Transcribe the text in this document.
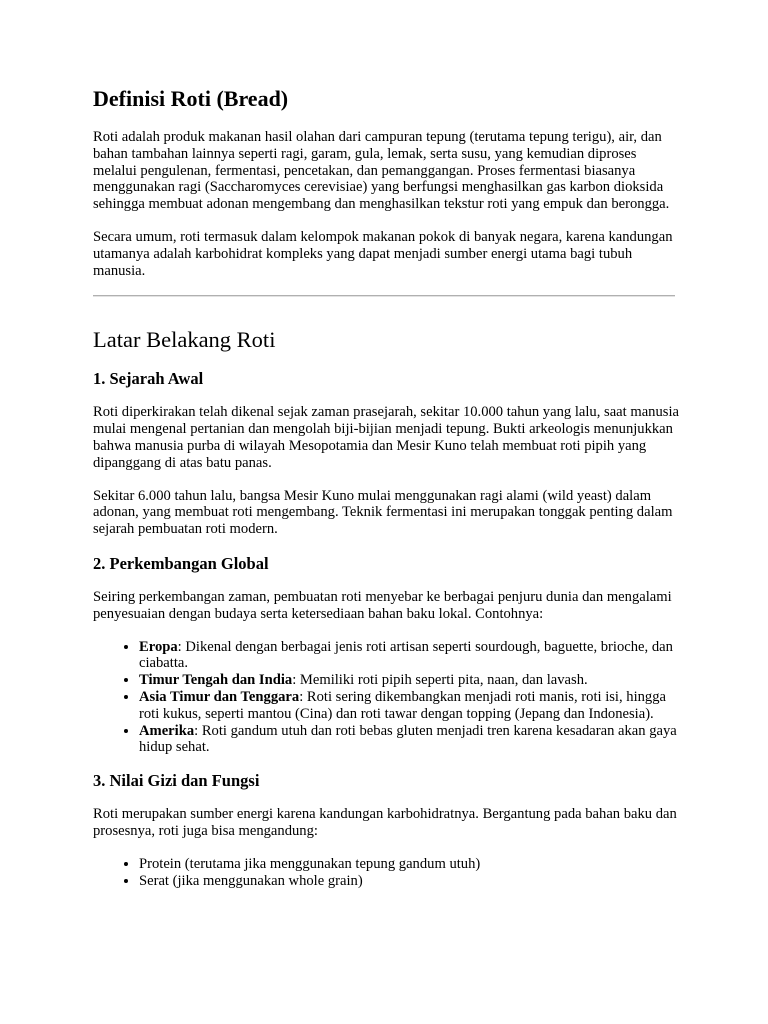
Definisi Roti (Bread)

Roti adalah produk makanan hasil olahan dari campuran tepung (terutama tepung terigu), air, dan bahan tambahan lainnya seperti ragi, garam, gula, lemak, serta susu, yang kemudian diproses melalui pengulenan, fermentasi, pencetakan, dan pemanggangan. Proses fermentasi biasanya menggunakan ragi (Saccharomyces cerevisiae) yang berfungsi menghasilkan gas karbon dioksida sehingga membuat adonan mengembang dan menghasilkan tekstur roti yang empuk dan berongga.

Secara umum, roti termasuk dalam kelompok makanan pokok di banyak negara, karena kandungan utamanya adalah karbohidrat kompleks yang dapat menjadi sumber energi utama bagi tubuh manusia.

Latar Belakang Roti
1. Sejarah Awal

Roti diperkirakan telah dikenal sejak zaman prasejarah, sekitar 10.000 tahun yang lalu, saat manusia mulai mengenal pertanian dan mengolah biji-bijian menjadi tepung. Bukti arkeologis menunjukkan bahwa manusia purba di wilayah Mesopotamia dan Mesir Kuno telah membuat roti pipih yang dipanggang di atas batu panas.

Sekitar 6.000 tahun lalu, bangsa Mesir Kuno mulai menggunakan ragi alami (wild yeast) dalam adonan, yang membuat roti mengembang. Teknik fermentasi ini merupakan tonggak penting dalam sejarah pembuatan roti modern.

2. Perkembangan Global

Seiring perkembangan zaman, pembuatan roti menyebar ke berbagai penjuru dunia dan mengalami penyesuaian dengan budaya serta ketersediaan bahan baku lokal. Contohnya:

• Eropa: Dikenal dengan berbagai jenis roti artisan seperti sourdough, baguette, brioche, dan ciabatta.
• Timur Tengah dan India: Memiliki roti pipih seperti pita, naan, dan lavash.
• Asia Timur dan Tenggara: Roti sering dikembangkan menjadi roti manis, roti isi, hingga roti kukus, seperti mantou (Cina) dan roti tawar dengan topping (Jepang dan Indonesia).
• Amerika: Roti gandum utuh dan roti bebas gluten menjadi tren karena kesadaran akan gaya hidup sehat.
3. Nilai Gizi dan Fungsi

Roti merupakan sumber energi karena kandungan karbohidratnya. Bergantung pada bahan baku dan prosesnya, roti juga bisa mengandung:

• Protein (terutama jika menggunakan tepung gandum utuh)
• Serat (jika menggunakan whole grain)
